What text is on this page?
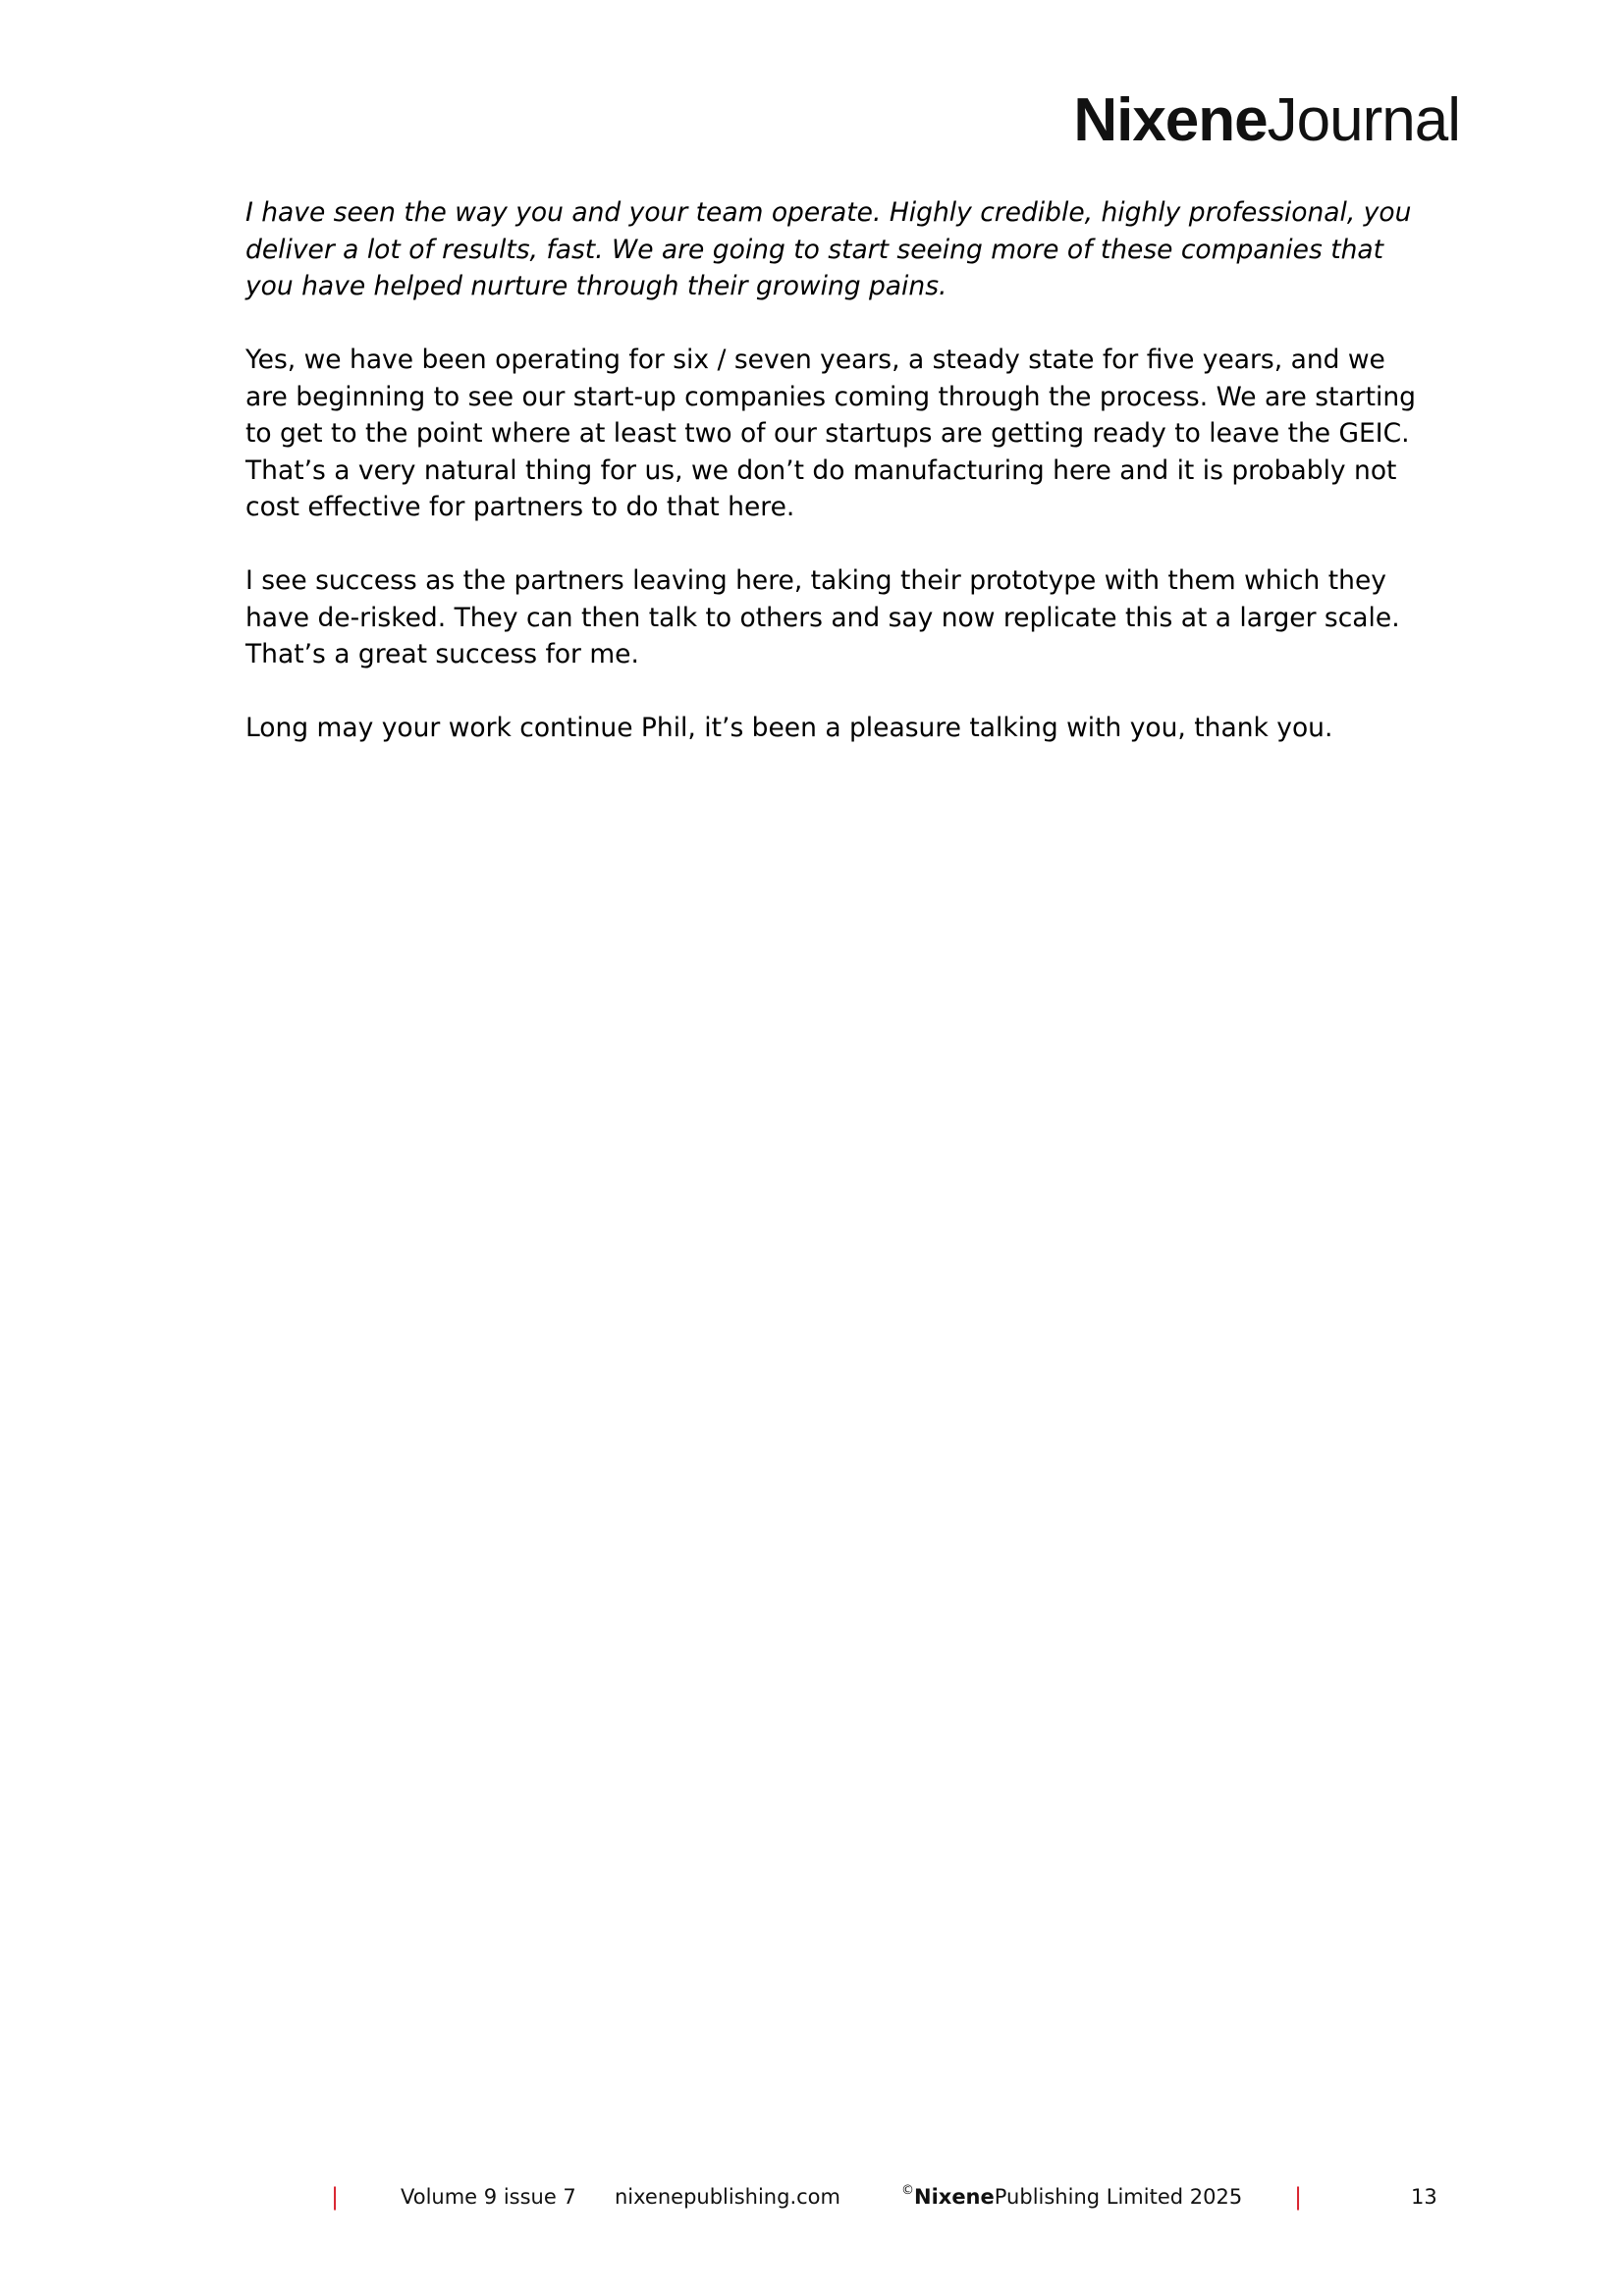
NixeneJournal

I have seen the way you and your team operate. Highly credible, highly professional, you deliver a lot of results, fast. We are going to start seeing more of these companies that you have helped nurture through their growing pains.

Yes, we have been operating for six / seven years, a steady state for five years, and we are beginning to see our start-up companies coming through the process. We are starting to get to the point where at least two of our startups are getting ready to leave the GEIC. That’s a very natural thing for us, we don’t do manufacturing here and it is probably not cost effective for partners to do that here.

I see success as the partners leaving here, taking their prototype with them which they have de-risked. They can then talk to others and say now replicate this at a larger scale. That’s a great success for me.

Long may your work continue Phil, it’s been a pleasure talking with you, thank you.

|	Volume 9 issue 7 nixenepublishing.com	©NixenePublishing Limited 2025 |	13
